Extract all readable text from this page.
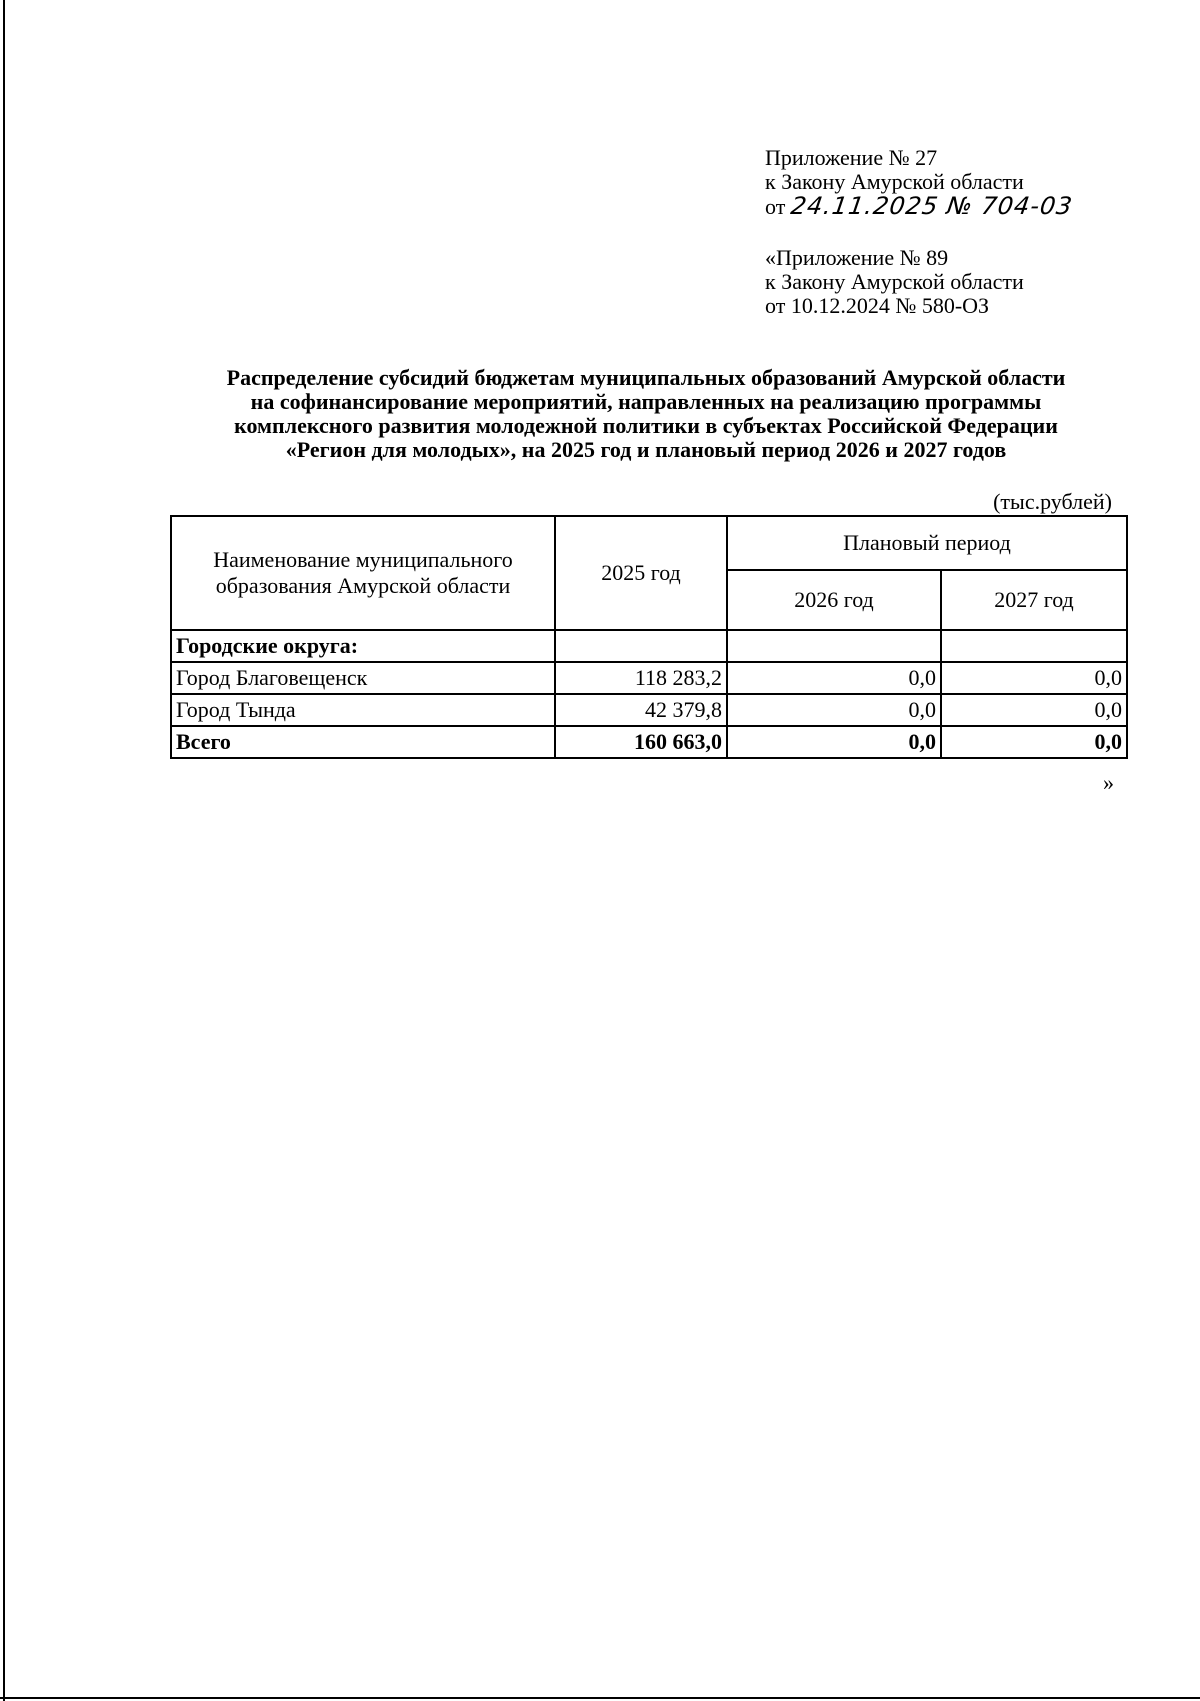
Приложение № 27
к Закону Амурской области
от 24.11.2025 № 704-03
«Приложение № 89
к Закону Амурской области
от 10.12.2024 № 580-ОЗ
Распределение субсидий бюджетам муниципальных образований Амурской области
на софинансирование мероприятий, направленных на реализацию программы
комплексного развития молодежной политики в субъектах Российской Федерации
«Регион для молодых», на 2025 год и плановый период 2026 и 2027 годов
(тыс.рублей)
Наименование муниципального образования Амурской области	2025 год	Плановый период	
		2026 год	2027 год
Городские округа:			
Город Благовещенск	118 283,2	0,0	0,0
Город Тында	42 379,8	0,0	0,0
Всего	160 663,0	0,0	0,0
»
